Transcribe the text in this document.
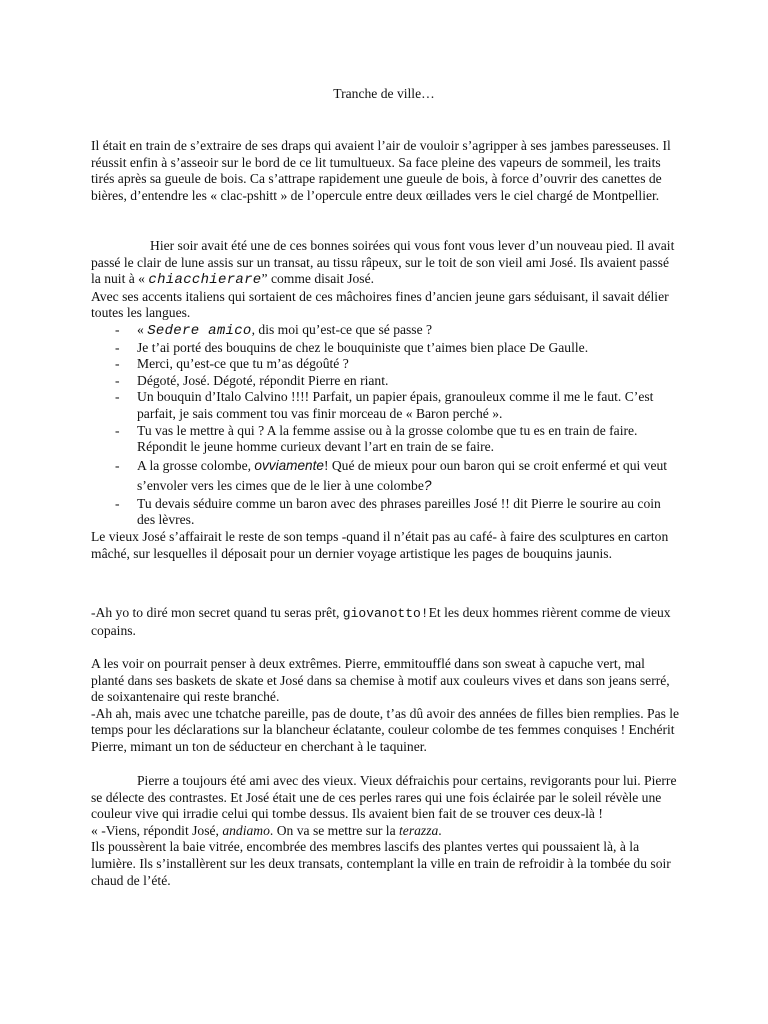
Tranche de ville…

Il était en train de s’extraire de ses draps qui avaient l’air de vouloir s’agripper à ses jambes paresseuses. Il réussit enfin à s’asseoir sur le bord de ce lit tumultueux. Sa face pleine des vapeurs de sommeil, les traits tirés après sa gueule de bois. Ca s’attrape rapidement une gueule de bois, à force d’ouvrir des canettes de bières, d’entendre les « clac-pshitt » de l’opercule entre deux œillades vers le ciel chargé de Montpellier.

Hier soir avait été une de ces bonnes soirées qui vous font vous lever d’un nouveau pied. Il avait passé le clair de lune assis sur un transat, au tissu râpeux, sur le toit de son vieil ami José. Ils avaient passé la nuit à « chiacchierare” comme disait José.

Avec ses accents italiens qui sortaient de ces mâchoires fines d’ancien jeune gars séduisant, il savait délier toutes les langues.

- « Sedere amico, dis moi qu’est-ce que sé passe ?
- Je t’ai porté des bouquins de chez le bouquiniste que t’aimes bien place De Gaulle.
- Merci, qu’est-ce que tu m’as dégoûté ?
- Dégoté, José. Dégoté, répondit Pierre en riant.
- Un bouquin d’Italo Calvino !!!! Parfait, un papier épais, granouleux comme il me le faut. C’est parfait, je sais comment tou vas finir morceau de « Baron perché ».
- Tu vas le mettre à qui ? A la femme assise ou à la grosse colombe que tu es en train de faire. Répondit le jeune homme curieux devant l’art en train de se faire.
- A la grosse colombe, ovviamente! Qué de mieux pour oun baron qui se croit enfermé et qui veut s’envoler vers les cimes que de le lier à une colombe?
- Tu devais séduire comme un baron avec des phrases pareilles José !! dit Pierre le sourire au coin des lèvres.

Le vieux José s’affairait le reste de son temps -quand il n’était pas au café- à faire des sculptures en carton mâché, sur lesquelles il déposait pour un dernier voyage artistique les pages de bouquins jaunis.

-Ah yo to diré mon secret quand tu seras prêt, giovanotto!Et les deux hommes rièrent comme de vieux copains.

A les voir on pourrait penser à deux extrêmes. Pierre, emmitoufflé dans son sweat à capuche vert, mal planté dans ses baskets de skate et José dans sa chemise à motif aux couleurs vives et dans son jeans serré, de soixantenaire qui reste branché.

-Ah ah, mais avec une tchatche pareille, pas de doute, t’as dû avoir des années de filles bien remplies. Pas le temps pour les déclarations sur la blancheur éclatante, couleur colombe de tes femmes conquises ! Enchérit Pierre, mimant un ton de séducteur en cherchant à le taquiner.

Pierre a toujours été ami avec des vieux. Vieux défraichis pour certains, revigorants pour lui. Pierre se délecte des contrastes. Et José était une de ces perles rares qui une fois éclairée par le soleil révèle une couleur vive qui irradie celui qui tombe dessus. Ils avaient bien fait de se trouver ces deux-là !

« -Viens, répondit José, andiamo. On va se mettre sur la terazza.

Ils poussèrent la baie vitrée, encombrée des membres lascifs des plantes vertes qui poussaient là, à la lumière. Ils s’installèrent sur les deux transats, contemplant la ville en train de refroidir à la tombée du soir chaud de l’été.
